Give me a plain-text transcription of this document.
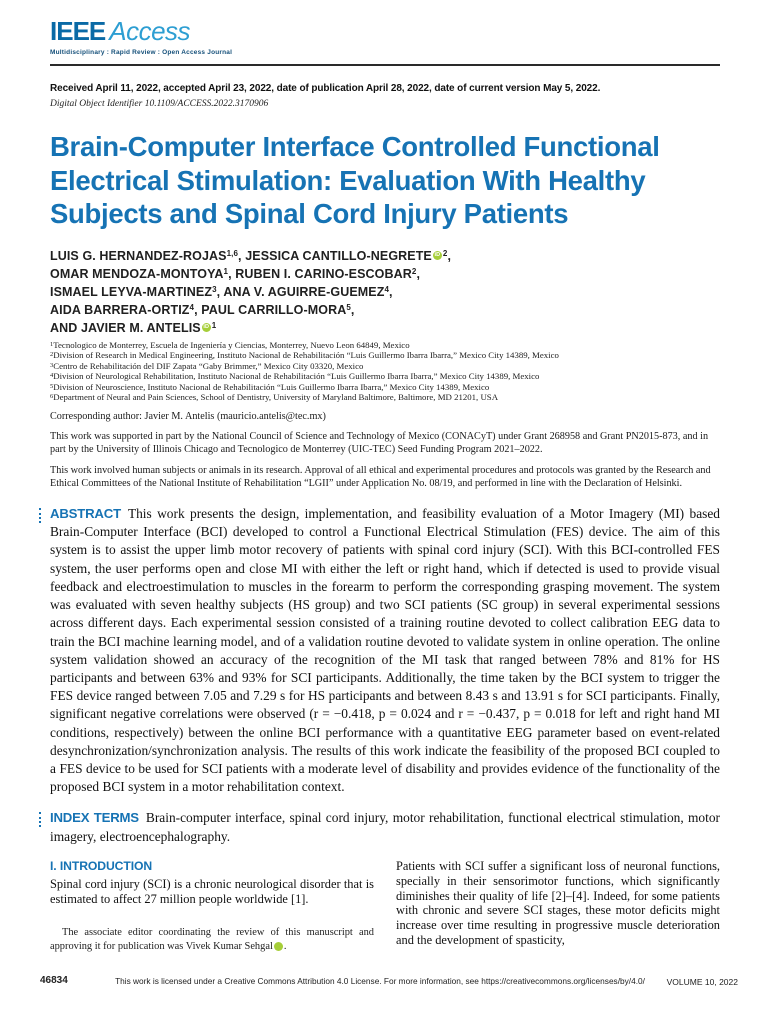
IEEE Access
Multidisciplinary : Rapid Review : Open Access Journal
Received April 11, 2022, accepted April 23, 2022, date of publication April 28, 2022, date of current version May 5, 2022.
Digital Object Identifier 10.1109/ACCESS.2022.3170906
Brain-Computer Interface Controlled Functional
Electrical Stimulation: Evaluation With Healthy
Subjects and Spinal Cord Injury Patients
LUIS G. HERNANDEZ-ROJAS$^{1,6}$, JESSICA CANTILLO-NEGRETE iD $^2$,
OMAR MENDOZA-MONTOYA$^1$, RUBEN I. CARINO-ESCOBAR$^2$,
ISMAEL LEYVA-MARTINEZ$^3$, ANA V. AGUIRRE-GUEMEZ$^4$,
AIDA BARRERA-ORTIZ$^4$, PAUL CARRILLO-MORA$^5$,
AND JAVIER M. ANTELIS iD $^1$
$^1$Tecnologico de Monterrey, Escuela de Ingeniería y Ciencias, Monterrey, Nuevo Leon 64849, Mexico
$^2$Division of Research in Medical Engineering, Instituto Nacional de Rehabilitación “Luis Guillermo Ibarra Ibarra,” Mexico City 14389, Mexico
$^3$Centro de Rehabilitación del DIF Zapata “Gaby Brimmer,” Mexico City 03320, Mexico
$^4$Division of Neurological Rehabilitation, Instituto Nacional de Rehabilitación “Luis Guillermo Ibarra Ibarra,” Mexico City 14389, Mexico
$^5$Division of Neuroscience, Instituto Nacional de Rehabilitación “Luis Guillermo Ibarra Ibarra,” Mexico City 14389, Mexico
$^6$Department of Neural and Pain Sciences, School of Dentistry, University of Maryland Baltimore, Baltimore, MD 21201, USA
Corresponding author: Javier M. Antelis (mauricio.antelis@tec.mx)
This work was supported in part by the National Council of Science and Technology of Mexico (CONACyT) under Grant 268958 and Grant PN2015-873, and in part by the University of Illinois Chicago and Tecnologico de Monterrey (UIC-TEC) Seed Funding Program 2021–2022.
This work involved human subjects or animals in its research. Approval of all ethical and experimental procedures and protocols was granted by the Research and Ethical Committees of the National Institute of Rehabilitation “LGII” under Application No. 08/19, and performed in line with the Declaration of Helsinki.

ABSTRACT This work presents the design, implementation, and feasibility evaluation of a Motor Imagery (MI) based Brain-Computer Interface (BCI) developed to control a Functional Electrical Stimulation (FES) device. The aim of this system is to assist the upper limb motor recovery of patients with spinal cord injury (SCI). With this BCI-controlled FES system, the user performs open and close MI with either the left or right hand, which if detected is used to provide visual feedback and electroestimulation to muscles in the forearm to perform the corresponding grasping movement. The system was evaluated with seven healthy subjects (HS group) and two SCI patients (SC group) in several experimental sessions across different days. Each experimental session consisted of a training routine devoted to collect calibration EEG data to train the BCI machine learning model, and of a validation routine devoted to validate system in online operation. The online system validation showed an accuracy of the recognition of the MI task that ranged between 78% and 81% for HS participants and between 63% and 93% for SCI participants. Additionally, the time taken by the BCI system to trigger the FES device ranged between 7.05 and 7.29 s for HS participants and between 8.43 s and 13.91 s for SCI participants. Finally, significant negative correlations were observed (r = −0.418, p = 0.024 and r = −0.437, p = 0.018 for left and right hand MI conditions, respectively) between the online BCI performance with a quantitative EEG parameter based on event-related desynchronization/synchronization analysis. The results of this work indicate the feasibility of the proposed BCI coupled to a FES device to be used for SCI patients with a moderate level of disability and provides evidence of the functionality of the proposed BCI system in a motor rehabilitation context.

INDEX TERMS Brain-computer interface, spinal cord injury, motor rehabilitation, functional electrical stimulation, motor imagery, electroencephalography.

I. INTRODUCTION
Spinal cord injury (SCI) is a chronic neurological disorder that is estimated to affect 27 million people worldwide [1].

The associate editor coordinating the review of this manuscript and approving it for publication was Vivek Kumar Sehgal iD.

Patients with SCI suffer a significant loss of neuronal functions, specially in their sensorimotor functions, which significantly diminishes their quality of life [2]–[4]. Indeed, for some patients with chronic and severe SCI stages, these motor deficits might increase over time resulting in progressive muscle deterioration and the development of spasticity,
46834	This work is licensed under a Creative Commons Attribution 4.0 License. For more information, see https://creativecommons.org/licenses/by/4.0/	VOLUME 10, 2022
